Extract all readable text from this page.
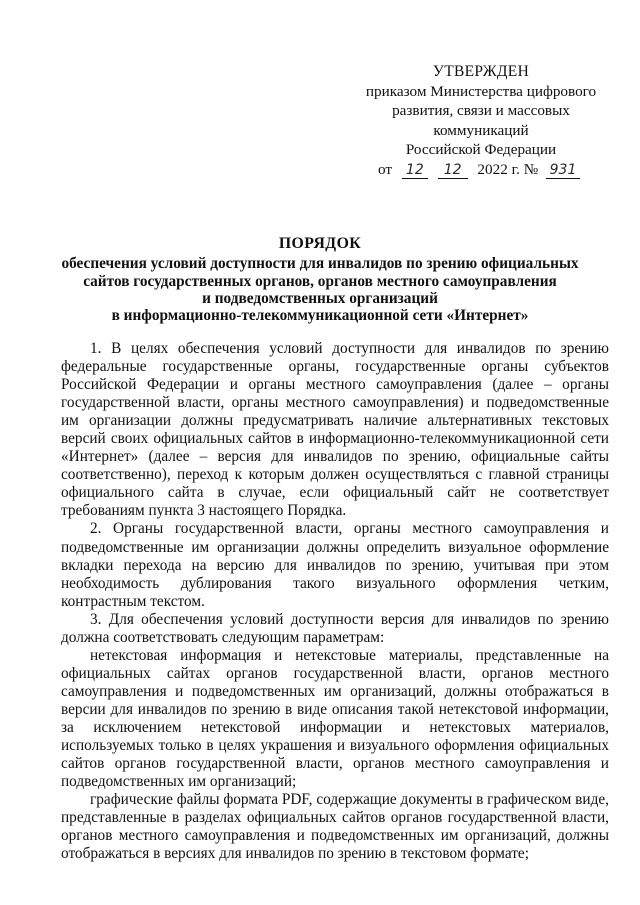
УТВЕРЖДЕН
приказом Министерства цифрового
развития, связи и массовых
коммуникаций
Российской Федерации
от 12 12 2022 г. № 931
ПОРЯДОК
обеспечения условий доступности для инвалидов по зрению официальных
сайтов государственных органов, органов местного самоуправления
и подведомственных организаций
в информационно-телекоммуникационной сети «Интернет»

1. В целях обеспечения условий доступности для инвалидов по зрению федеральные государственные органы, государственные органы субъектов Российской Федерации и органы местного самоуправления (далее – органы государственной власти, органы местного самоуправления) и подведомственные им организации должны предусматривать наличие альтернативных текстовых версий своих официальных сайтов в информационно-телекоммуникационной сети «Интернет» (далее – версия для инвалидов по зрению, официальные сайты соответственно), переход к которым должен осуществляться с главной страницы официального сайта в случае, если официальный сайт не соответствует требованиям пункта 3 настоящего Порядка.

2. Органы государственной власти, органы местного самоуправления и подведомственные им организации должны определить визуальное оформление вкладки перехода на версию для инвалидов по зрению, учитывая при этом необходимость дублирования такого визуального оформления четким, контрастным текстом.

3. Для обеспечения условий доступности версия для инвалидов по зрению должна соответствовать следующим параметрам:

нетекстовая информация и нетекстовые материалы, представленные на официальных сайтах органов государственной власти, органов местного самоуправления и подведомственных им организаций, должны отображаться в версии для инвалидов по зрению в виде описания такой нетекстовой информации, за исключением нетекстовой информации и нетекстовых материалов, используемых только в целях украшения и визуального оформления официальных сайтов органов государственной власти, органов местного самоуправления и подведомственных им организаций;

графические файлы формата PDF, содержащие документы в графическом виде, представленные в разделах официальных сайтов органов государственной власти, органов местного самоуправления и подведомственных им организаций, должны отображаться в версиях для инвалидов по зрению в текстовом формате;
